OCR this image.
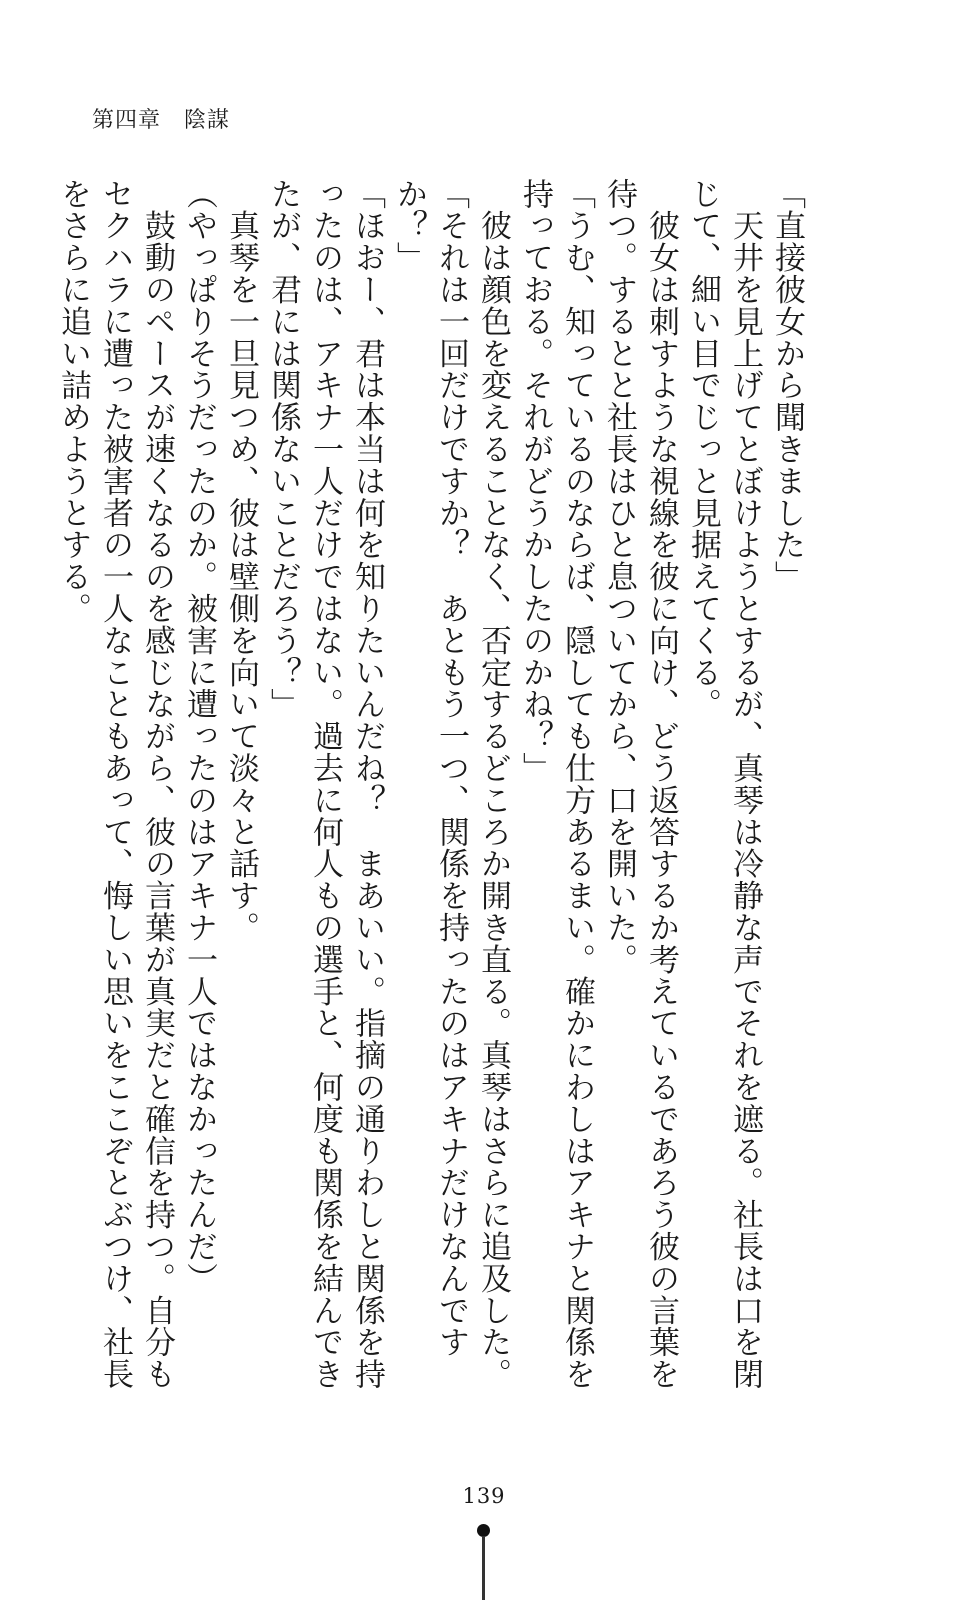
第四章　陰謀

「直接彼女から聞きました」

　天井を見上げてとぼけようとするが、真琴は冷静な声でそれを遮る。社長は口を閉じて、細い目でじっと見据えてくる。

　彼女は刺すような視線を彼に向け、どう返答するか考えているであろう彼の言葉を待つ。するとと社長はひと息ついてから、口を開いた。

「うむ、知っているのならば、隠しても仕方あるまい。確かにわしはアキナと関係を持っておる。それがどうかしたのかね？」

　彼は顔色を変えることなく、否定するどころか開き直る。真琴はさらに追及した。

「それは一回だけですか？　あともう一つ、関係を持ったのはアキナだけなんですか？」

「ほおー、君は本当は何を知りたいんだね？　まあいい。指摘の通りわしと関係を持ったのは、アキナ一人だけではない。過去に何人もの選手と、何度も関係を結んできたが、君には関係ないことだろう？」

　真琴を一旦見つめ、彼は壁側を向いて淡々と話す。

（やっぱりそうだったのか。被害に遭ったのはアキナ一人ではなかったんだ）

　鼓動のペースが速くなるのを感じながら、彼の言葉が真実だと確信を持つ。自分もセクハラに遭った被害者の一人なこともあって、悔しい思いをここぞとぶつけ、社長をさらに追い詰めようとする。

139
